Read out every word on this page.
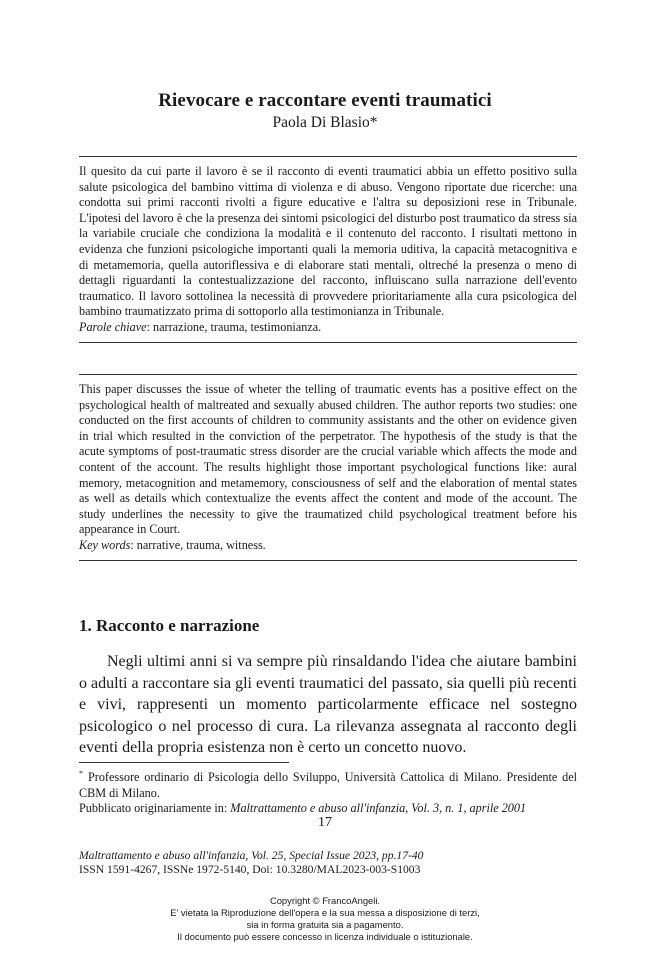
Rievocare e raccontare eventi traumatici
Paola Di Blasio*

Il quesito da cui parte il lavoro è se il racconto di eventi traumatici abbia un effetto positivo sulla salute psicologica del bambino vittima di violenza e di abuso. Vengono riportate due ricerche: una condotta sui primi racconti rivolti a figure educative e l'altra su deposizioni rese in Tribunale. L'ipotesi del lavoro è che la presenza dei sintomi psicologici del disturbo post traumatico da stress sia la variabile cruciale che condiziona la modalità e il contenuto del racconto. I risultati mettono in evidenza che funzioni psicologiche importanti quali la memoria uditiva, la capacità metacognitiva e di metamemoria, quella autoriflessiva e di elaborare stati mentali, oltreché la presenza o meno di dettagli riguardanti la contestualizzazione del racconto, influiscano sulla narrazione dell'evento traumatico. Il lavoro sottolinea la necessità di provvedere prioritariamente alla cura psicologica del bambino traumatizzato prima di sottoporlo alla testimonianza in Tribunale.

Parole chiave: narrazione, trauma, testimonianza.

This paper discusses the issue of wheter the telling of traumatic events has a positive effect on the psychological health of maltreated and sexually abused children. The author reports two studies: one conducted on the first accounts of children to community assistants and the other on evidence given in trial which resulted in the conviction of the perpetrator. The hypothesis of the study is that the acute symptoms of post-traumatic stress disorder are the crucial variable which affects the mode and content of the account. The results highlight those important psychological functions like: aural memory, metacognition and metamemory, consciousness of self and the elaboration of mental states as well as details which contextualize the events affect the content and mode of the account. The study underlines the necessity to give the traumatized child psychological treatment before his appearance in Court.

Key words: narrative, trauma, witness.

1. Racconto e narrazione

Negli ultimi anni si va sempre più rinsaldando l'idea che aiutare bambini o adulti a raccontare sia gli eventi traumatici del passato, sia quelli più recenti e vivi, rappresenti un momento particolarmente efficace nel sostegno psicologico o nel processo di cura. La rilevanza assegnata al racconto degli eventi della propria esistenza non è certo un concetto nuovo.

* Professore ordinario di Psicologia dello Sviluppo, Università Cattolica di Milano. Presidente del CBM di Milano.

Pubblicato originariamente in: Maltrattamento e abuso all'infanzia, Vol. 3, n. 1, aprile 2001

17
Maltrattamento e abuso all'infanzia, Vol. 25, Special Issue 2023, pp.17-40
ISSN 1591-4267, ISSNe 1972-5140, Doi: 10.3280/MAL2023-003-S1003
Copyright © FrancoAngeli.
E' vietata la Riproduzione dell'opera e la sua messa a disposizione di terzi,
sia in forma gratuita sia a pagamento.
Il documento può essere concesso in licenza individuale o istituzionale.
